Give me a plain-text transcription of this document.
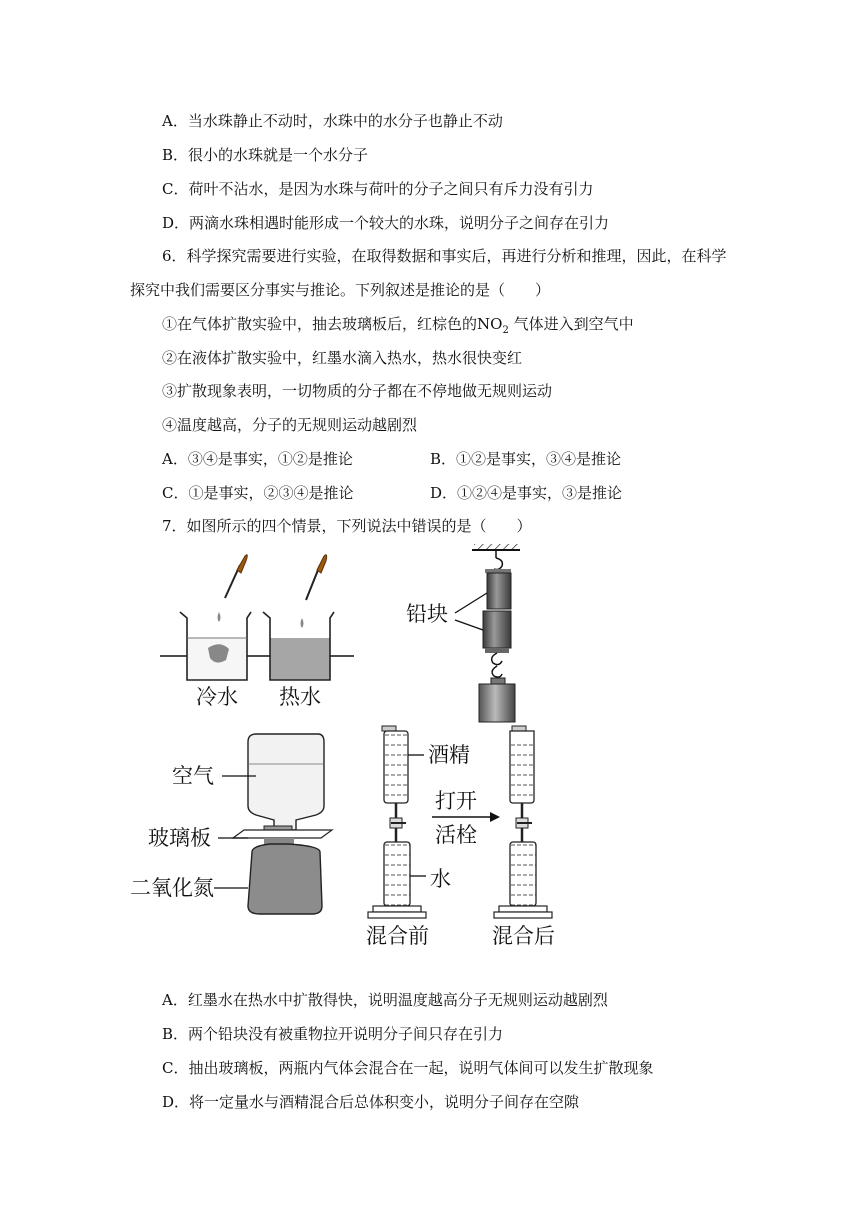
A．当水珠静止不动时，水珠中的水分子也静止不动
B．很小的水珠就是一个水分子
C．荷叶不沾水，是因为水珠与荷叶的分子之间只有斥力没有引力
D．两滴水珠相遇时能形成一个较大的水珠，说明分子之间存在引力
6．科学探究需要进行实验，在取得数据和事实后，再进行分析和推理，因此，在科学
探究中我们需要区分事实与推论。下列叙述是推论的是（　　）
①在气体扩散实验中，抽去玻璃板后，红棕色的$NO_2$ 气体进入到空气中
②在液体扩散实验中，红墨水滴入热水，热水很快变红
③扩散现象表明，一切物质的分子都在不停地做无规则运动
④温度越高，分子的无规则运动越剧烈
A．③④是事实，①②是推论	B．①②是事实，③④是推论
C．①是事实，②③④是推论	D．①②④是事实，③是推论
7．如图所示的四个情景，下列说法中错误的是（　　）
冷水 热水
铅块
空气
玻璃板
二氧化氮
酒精
打开
活栓
水
混合前	混合后
A．红墨水在热水中扩散得快，说明温度越高分子无规则运动越剧烈
B．两个铅块没有被重物拉开说明分子间只存在引力
C．抽出玻璃板，两瓶内气体会混合在一起，说明气体间可以发生扩散现象
D．将一定量水与酒精混合后总体积变小，说明分子间存在空隙
